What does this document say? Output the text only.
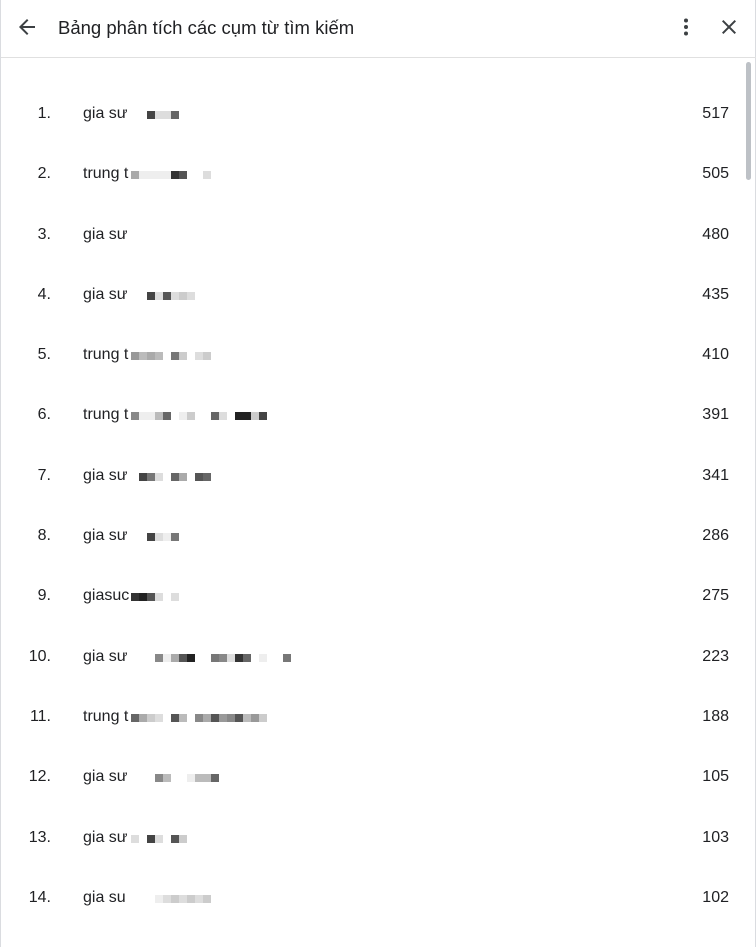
Bảng phân tích các cụm từ tìm kiếm
1. gia sư	517
2. trung t	505
3. gia sư	480
4. gia sư	435
5. trung t	410
6. trung t	391
7. gia sư	341
8. gia sư	286
9. giasuc	275
10. gia sư	223
11. trung t	188
12. gia sư	105
13. gia sư	103
14. gia su	102
